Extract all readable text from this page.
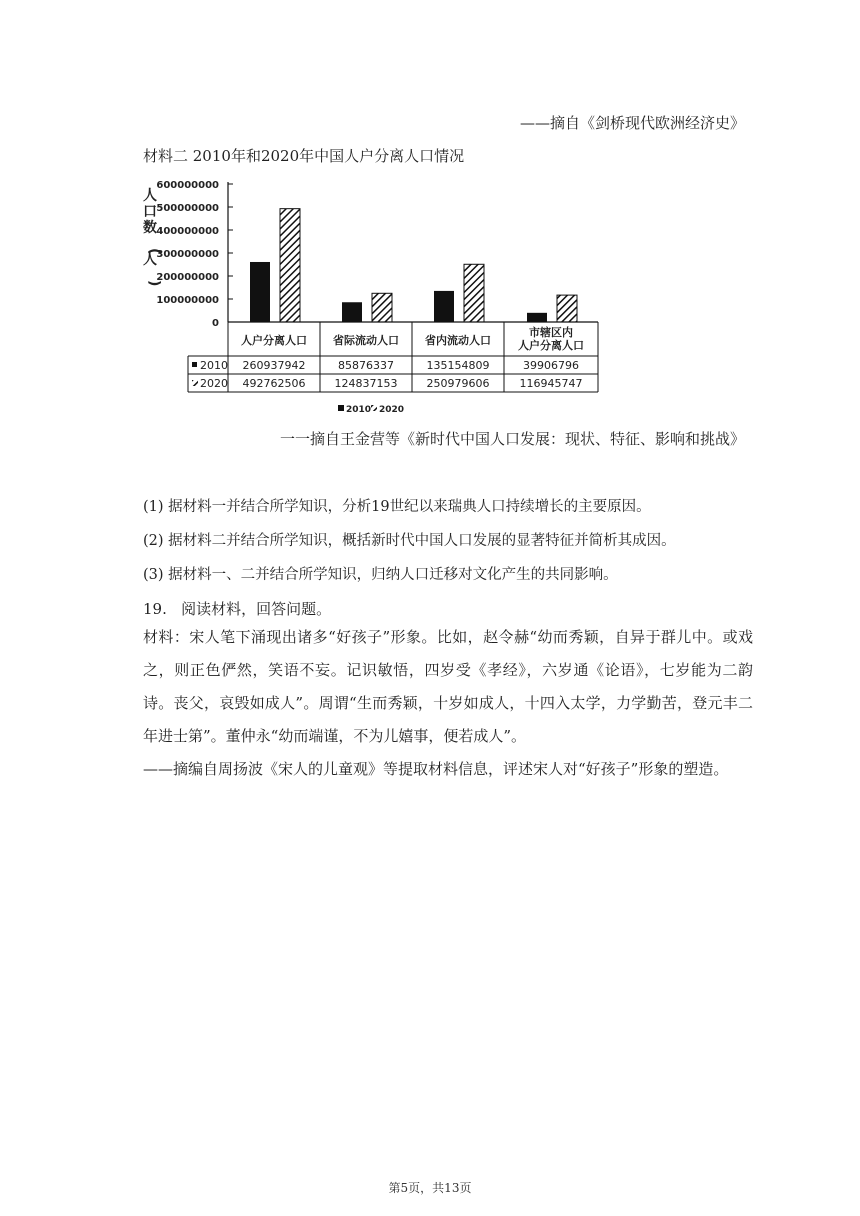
——摘自《剑桥现代欧洲经济史》
材料二 2010年和2020年中国人户分离人口情况
600000000
500000000
400000000
300000000
200000000
100000000
0
人
口
数
(
人
)
人户分离人口 省际流动人口 省内流动人口
市辖区内
人户分离人口
2010 260937942	85876337	135154809	39906796
2020 492762506	124837153	250979606	116945747
2010 2020
一一摘自王金营等《新时代中国人口发展：现状、特征、影响和挑战》
(1) 据材料一并结合所学知识，分析19世纪以来瑞典人口持续增长的主要原因。
(2) 据材料二并结合所学知识，概括新时代中国人口发展的显著特征并简析其成因。
(3) 据材料一、二并结合所学知识，归纳人口迁移对文化产生的共同影响。
19.   阅读材料，回答问题。
材料：宋人笔下涌现出诸多“好孩子”形象。比如，赵令赫“幼而秀颖，自异于群儿中。或戏之，则正色俨然，笑语不妄。记识敏悟，四岁受《孝经》，六岁通《论语》，七岁能为二韵诗。丧父，哀毁如成人”。周谓“生而秀颖，十岁如成人，十四入太学，力学勤苦，登元丰二年进士第”。董仲永“幼而端谨，不为儿嬉事，便若成人”。
——摘编自周扬波《宋人的儿童观》等提取材料信息，评述宋人对“好孩子”形象的塑造。
第5页，共13页
